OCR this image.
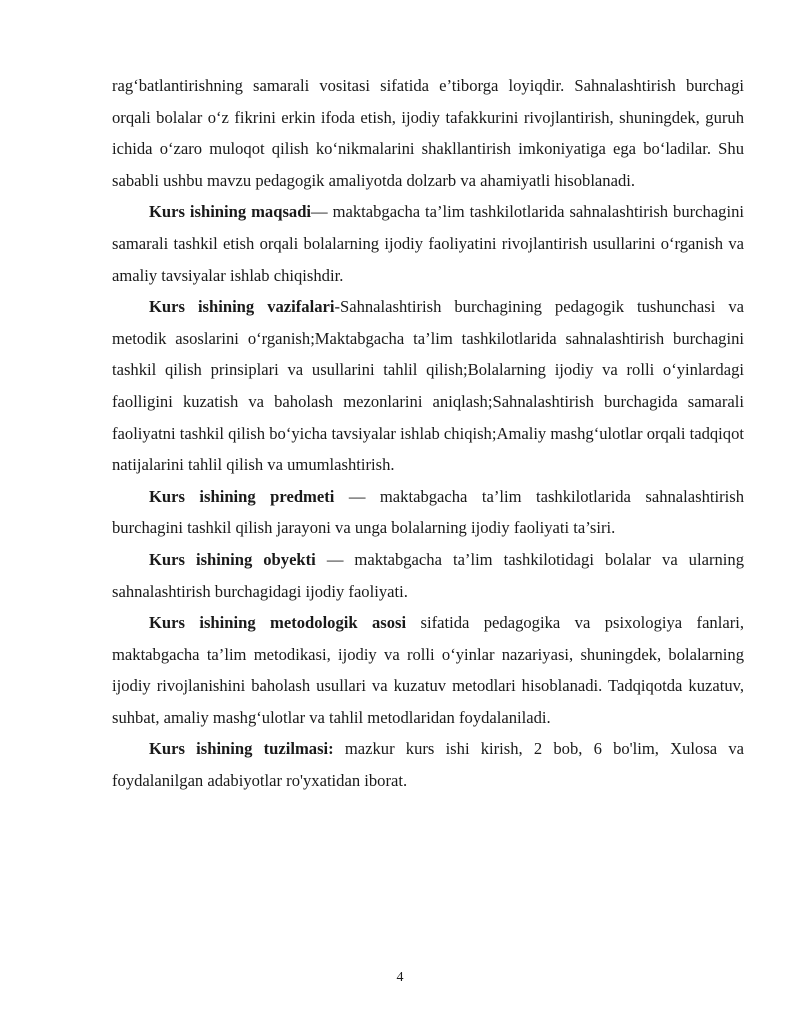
rag‘batlantirishning samarali vositasi sifatida e’tiborga loyiqdir. Sahnalashtirish burchagi orqali bolalar o‘z fikrini erkin ifoda etish, ijodiy tafakkurini rivojlantirish, shuningdek, guruh ichida o‘zaro muloqot qilish ko‘nikmalarini shakllantirish imkoniyatiga ega bo‘ladilar. Shu sababli ushbu mavzu pedagogik amaliyotda dolzarb va ahamiyatli hisoblanadi.

Kurs ishining maqsadi— maktabgacha ta’lim tashkilotlarida sahnalashtirish burchagini samarali tashkil etish orqali bolalarning ijodiy faoliyatini rivojlantirish usullarini o‘rganish va amaliy tavsiyalar ishlab chiqishdir.

Kurs ishining vazifalari-Sahnalashtirish burchagining pedagogik tushunchasi va metodik asoslarini o‘rganish;Maktabgacha ta’lim tashkilotlarida sahnalashtirish burchagini tashkil qilish prinsiplari va usullarini tahlil qilish;Bolalarning ijodiy va rolli o‘yinlardagi faolligini kuzatish va baholash mezonlarini aniqlash;Sahnalashtirish burchagida samarali faoliyatni tashkil qilish bo‘yicha tavsiyalar ishlab chiqish;Amaliy mashg‘ulotlar orqali tadqiqot natijalarini tahlil qilish va umumlashtirish.

Kurs ishining predmeti — maktabgacha ta’lim tashkilotlarida sahnalashtirish burchagini tashkil qilish jarayoni va unga bolalarning ijodiy faoliyati ta’siri.

Kurs ishining obyekti — maktabgacha ta’lim tashkilotidagi bolalar va ularning sahnalashtirish burchagidagi ijodiy faoliyati.

Kurs ishining metodologik asosi sifatida pedagogika va psixologiya fanlari, maktabgacha ta’lim metodikasi, ijodiy va rolli o‘yinlar nazariyasi, shuningdek, bolalarning ijodiy rivojlanishini baholash usullari va kuzatuv metodlari hisoblanadi. Tadqiqotda kuzatuv, suhbat, amaliy mashg‘ulotlar va tahlil metodlaridan foydalaniladi.

Kurs ishining tuzilmasi: mazkur kurs ishi kirish, 2 bob, 6 bo'lim, Xulosa va foydalanilgan adabiyotlar ro'yxatidan iborat.

4
